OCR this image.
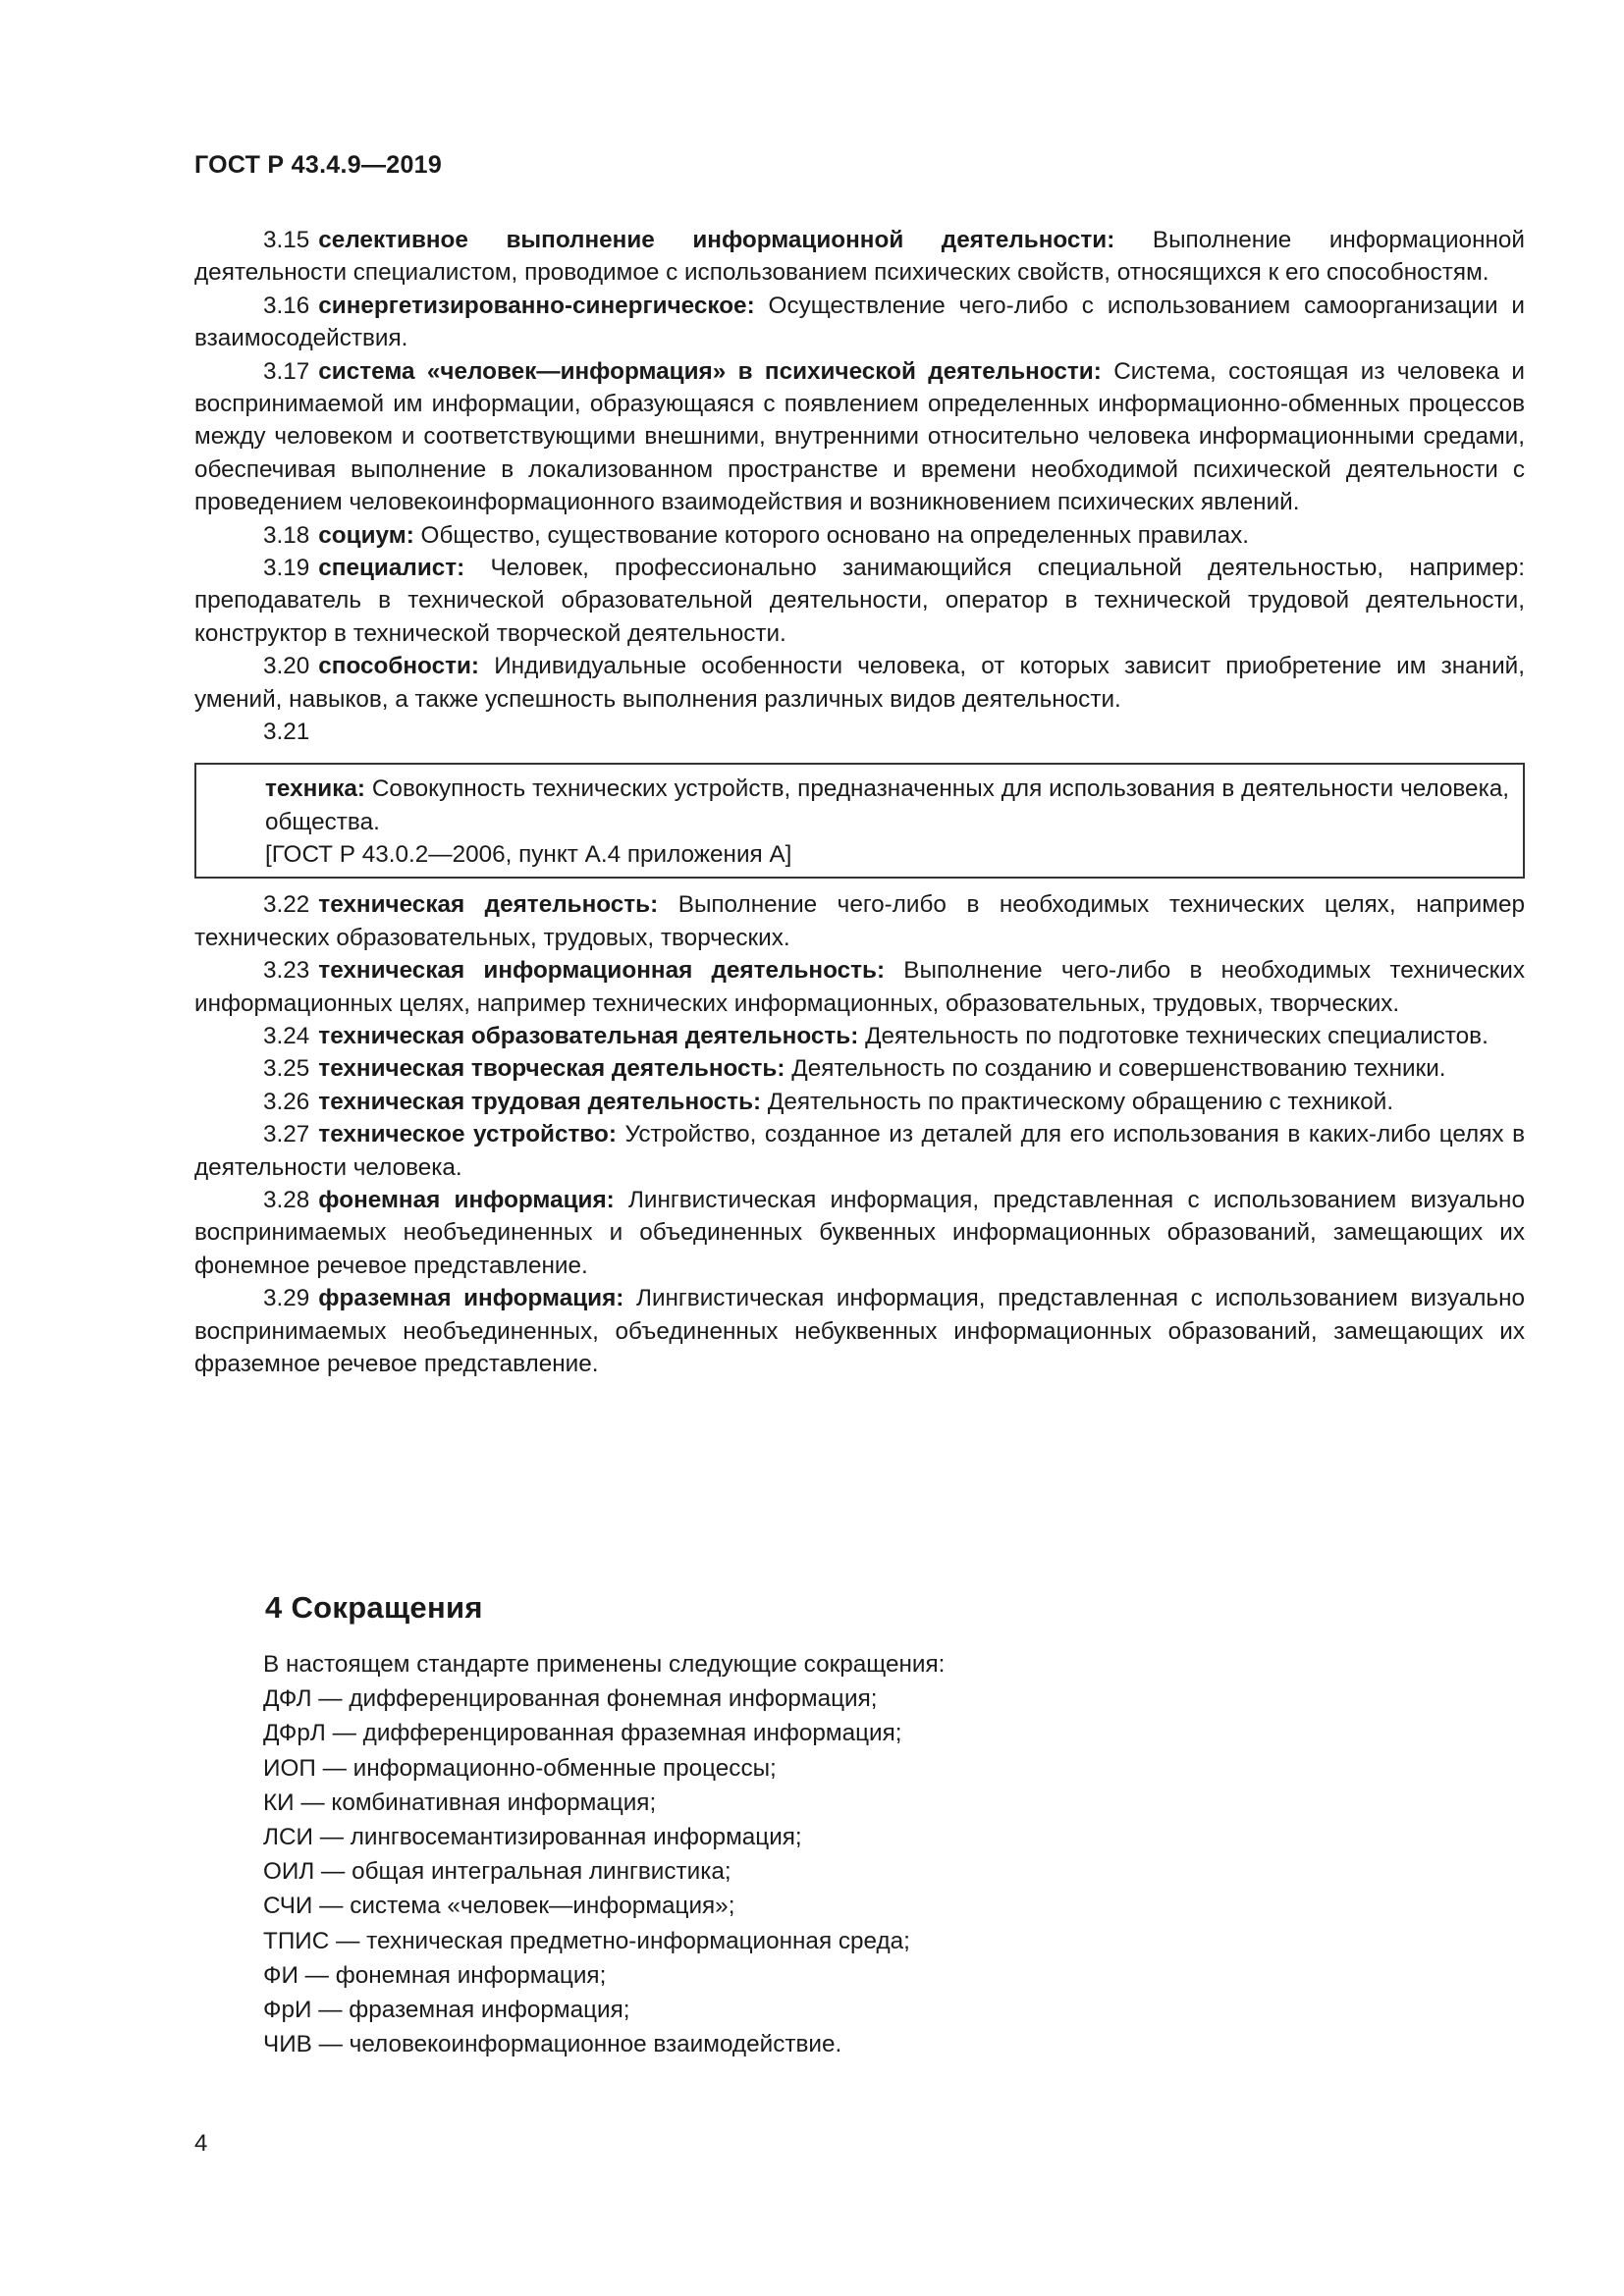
ГОСТ Р 43.4.9—2019

3.15 селективное выполнение информационной деятельности: Выполнение информационной деятельности специалистом, проводимое с использованием психических свойств, относящихся к его способностям.

3.16 синергетизированно-синергическое: Осуществление чего-либо с использованием самоорганизации и взаимосодействия.

3.17 система «человек—информация» в психической деятельности: Система, состоящая из человека и воспринимаемой им информации, образующаяся с появлением определенных информационно-обменных процессов между человеком и соответствующими внешними, внутренними относительно человека информационными средами, обеспечивая выполнение в локализованном пространстве и времени необходимой психической деятельности с проведением человекоинформационного взаимодействия и возникновением психических явлений.

3.18 социум: Общество, существование которого основано на определенных правилах.

3.19 специалист: Человек, профессионально занимающийся специальной деятельностью, например: преподаватель в технической образовательной деятельности, оператор в технической трудовой деятельности, конструктор в технической творческой деятельности.

3.20 способности: Индивидуальные особенности человека, от которых зависит приобретение им знаний, умений, навыков, а также успешность выполнения различных видов деятельности.

3.21

техника: Совокупность технических устройств, предназначенных для использования в деятельности человека, общества.

[ГОСТ Р 43.0.2—2006, пункт А.4 приложения А]

3.22 техническая деятельность: Выполнение чего-либо в необходимых технических целях, например технических образовательных, трудовых, творческих.

3.23 техническая информационная деятельность: Выполнение чего-либо в необходимых технических информационных целях, например технических информационных, образовательных, трудовых, творческих.

3.24 техническая образовательная деятельность: Деятельность по подготовке технических специалистов.

3.25 техническая творческая деятельность: Деятельность по созданию и совершенствованию техники.

3.26 техническая трудовая деятельность: Деятельность по практическому обращению с техникой.

3.27 техническое устройство: Устройство, созданное из деталей для его использования в каких-либо целях в деятельности человека.

3.28 фонемная информация: Лингвистическая информация, представленная с использованием визуально воспринимаемых необъединенных и объединенных буквенных информационных образований, замещающих их фонемное речевое представление.

3.29 фраземная информация: Лингвистическая информация, представленная с использованием визуально воспринимаемых необъединенных, объединенных небуквенных информационных образований, замещающих их фраземное речевое представление.

4 Сокращения

В настоящем стандарте применены следующие сокращения:

ДФЛ — дифференцированная фонемная информация;

ДФрЛ — дифференцированная фраземная информация;

ИОП — информационно-обменные процессы;

КИ — комбинативная информация;

ЛСИ — лингвосемантизированная информация;

ОИЛ — общая интегральная лингвистика;

СЧИ — система «человек—информация»;

ТПИС — техническая предметно-информационная среда;

ФИ — фонемная информация;

ФрИ — фраземная информация;

ЧИВ — человекоинформационное взаимодействие.

4
